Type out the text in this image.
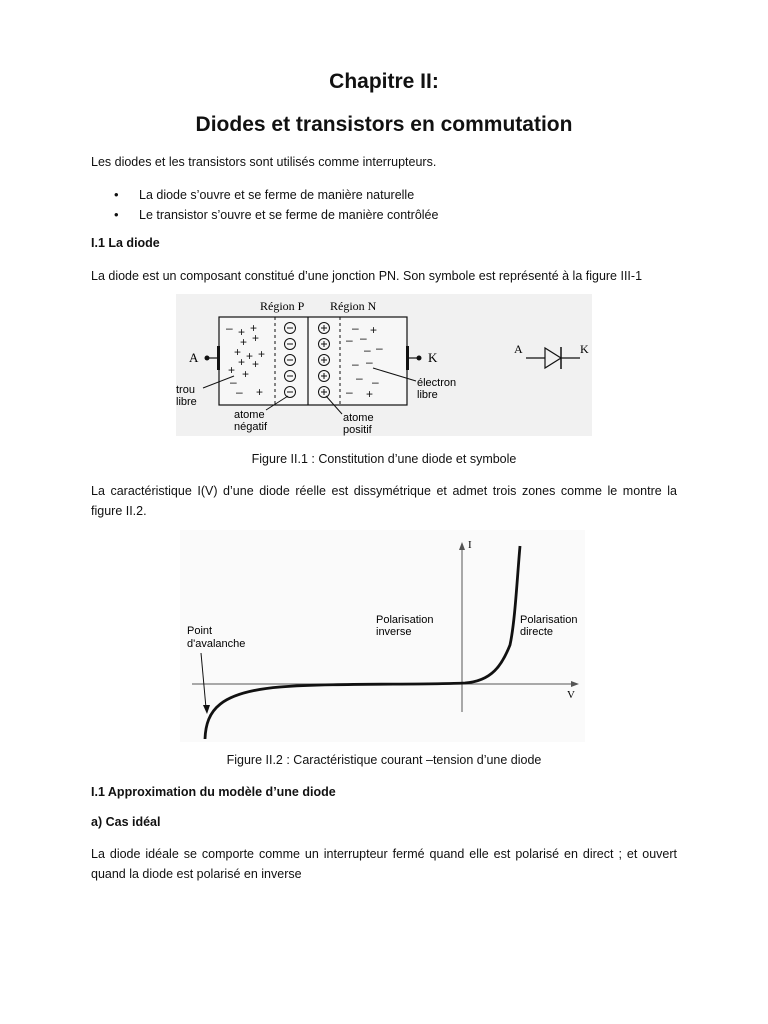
Chapitre II:
Diodes et transistors en commutation
Les diodes et les transistors sont utilisés comme interrupteurs.
• La diode s’ouvre et se ferme de manière naturelle
• Le transistor s’ouvre et se ferme de manière contrôlée
I.1 La diode
La diode est un composant constitué d’une jonction PN. Son symbole est représenté à la figure III-1
Région P Région N
– + +
+ +
+ + +
+ +
+ +
–
+
–
– +
– –
– –
– –
– –
+
–
A	K
trou
libre
électron
libre
atome
négatif
atome
positif
A	K
Figure II.1 : Constitution d’une diode et symbole
La caractéristique I(V) d’une diode réelle est dissymétrique et admet trois zones comme le montre la figure II.2.
I
V
Point
d'avalanche
Polarisation
inverse
Polarisation
directe
Figure II.2 : Caractéristique courant –tension d’une diode
I.1 Approximation du modèle d’une diode
a) Cas idéal
La diode idéale se comporte comme un interrupteur fermé quand elle est polarisé en direct ; et ouvert quand la diode est polarisé en inverse
